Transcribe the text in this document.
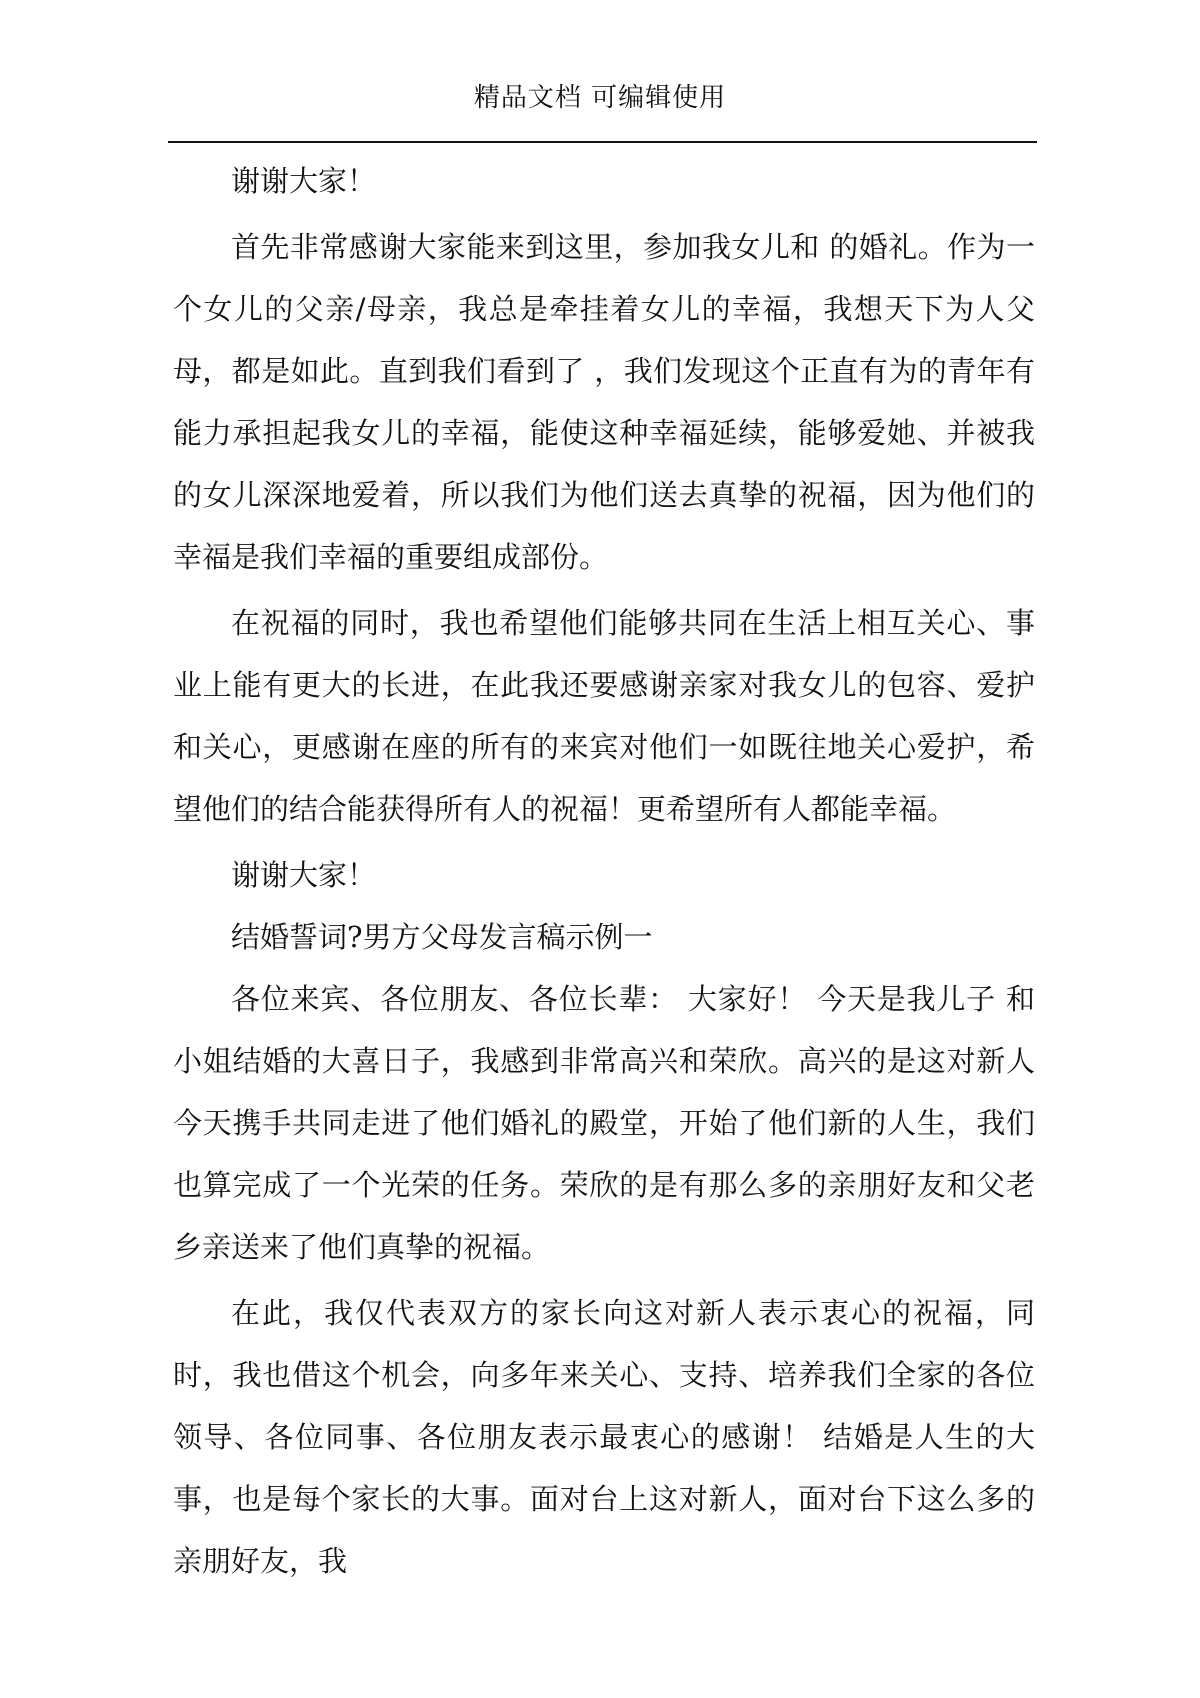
精品文档 可编辑使用

谢谢大家！

首先非常感谢大家能来到这里，参加我女儿和 的婚礼。作为一个女儿的父亲/母亲，我总是牵挂着女儿的幸福，我想天下为人父母，都是如此。直到我们看到了 ，我们发现这个正直有为的青年有能力承担起我女儿的幸福，能使这种幸福延续，能够爱她、并被我的女儿深深地爱着，所以我们为他们送去真挚的祝福，因为他们的幸福是我们幸福的重要组成部份。

在祝福的同时，我也希望他们能够共同在生活上相互关心、事业上能有更大的长进，在此我还要感谢亲家对我女儿的包容、爱护和关心，更感谢在座的所有的来宾对他们一如既往地关心爱护，希望他们的结合能获得所有人的祝福！更希望所有人都能幸福。

谢谢大家！

结婚誓词?男方父母发言稿示例一

各位来宾、各位朋友、各位长辈： 大家好！ 今天是我儿子 和 小姐结婚的大喜日子，我感到非常高兴和荣欣。高兴的是这对新人今天携手共同走进了他们婚礼的殿堂，开始了他们新的人生，我们也算完成了一个光荣的任务。荣欣的是有那么多的亲朋好友和父老乡亲送来了他们真挚的祝福。

在此，我仅代表双方的家长向这对新人表示衷心的祝福，同时，我也借这个机会，向多年来关心、支持、培养我们全家的各位领导、各位同事、各位朋友表示最衷心的感谢！ 结婚是人生的大事，也是每个家长的大事。面对台上这对新人，面对台下这么多的亲朋好友，我
